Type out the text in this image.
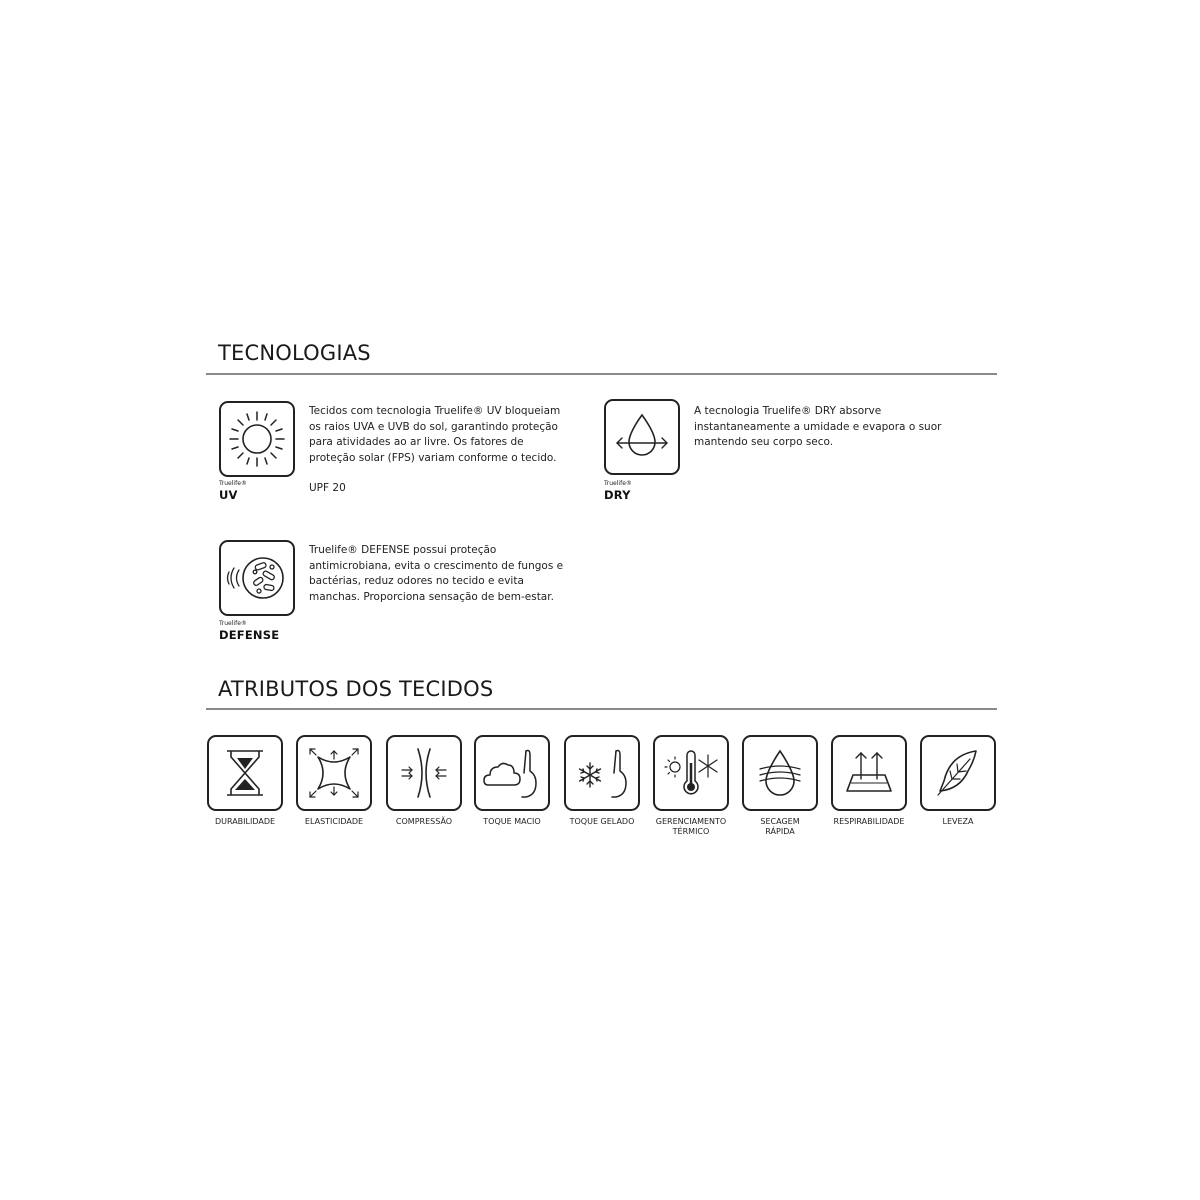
TECNOLOGIAS
Truelife®
UV

Tecidos com tecnologia Truelife® UV bloqueiam os raios UVA e UVB do sol, garantindo proteção para atividades ao ar livre. Os fatores de proteção solar (FPS) variam conforme o tecido.

UPF 20	Truelife®
DRY

A tecnologia Truelife® DRY absorve instantaneamente a umidade e evapora o suor mantendo seu corpo seco.

Truelife®
DEFENSE

Truelife® DEFENSE possui proteção antimicrobiana, evita o crescimento de fungos e bactérias, reduz odores no tecido e evita manchas. Proporciona sensação de bem-estar.

ATRIBUTOS DOS TECIDOS
DURABILIDADE	ELASTICIDADE	COMPRESSÃO	TOQUE MACIO	TOQUE GELADO	GERENCIAMENTO
TÉRMICO
SECAGEM
RÁPIDA
RESPIRABILIDADE	LEVEZA
